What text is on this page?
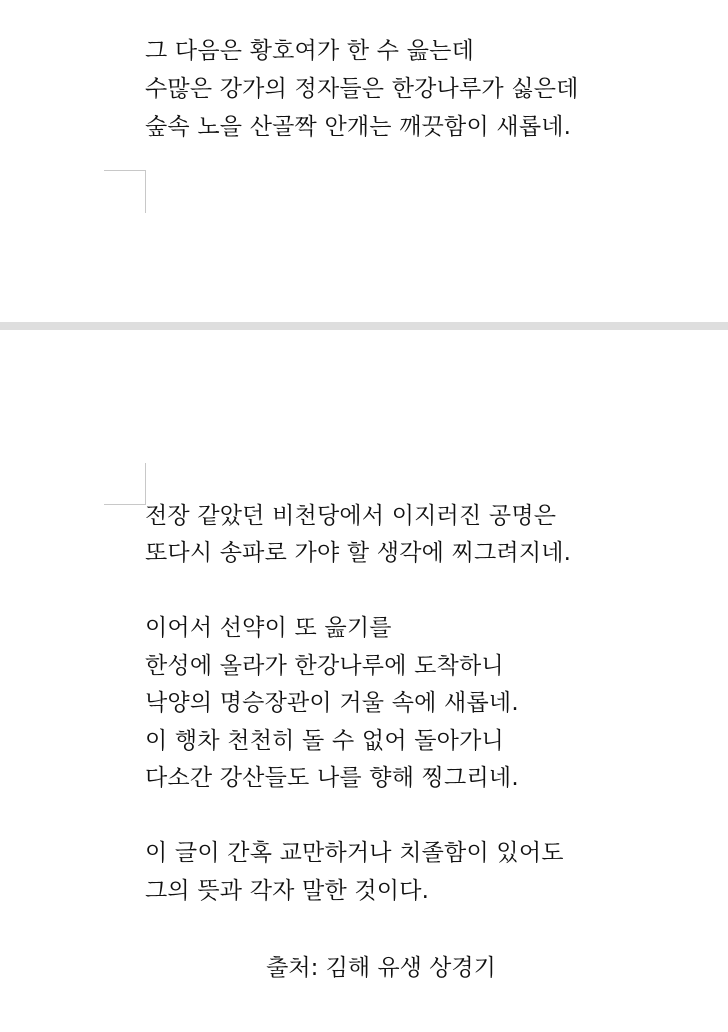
그 다음은 황호여가 한 수 읊는데
수많은 강가의 정자들은 한강나루가 싫은데
숲속 노을 산골짝 안개는 깨끗함이 새롭네.
전장 같았던 비천당에서 이지러진 공명은
또다시 송파로 가야 할 생각에 찌그려지네.
이어서 선약이 또 읊기를
한성에 올라가 한강나루에 도착하니
낙양의 명승장관이 거울 속에 새롭네.
이 행차 천천히 돌 수 없어 돌아가니
다소간 강산들도 나를 향해 찡그리네.
이 글이 간혹 교만하거나 치졸함이 있어도
그의 뜻과 각자 말한 것이다.
출처: 김해 유생 상경기
